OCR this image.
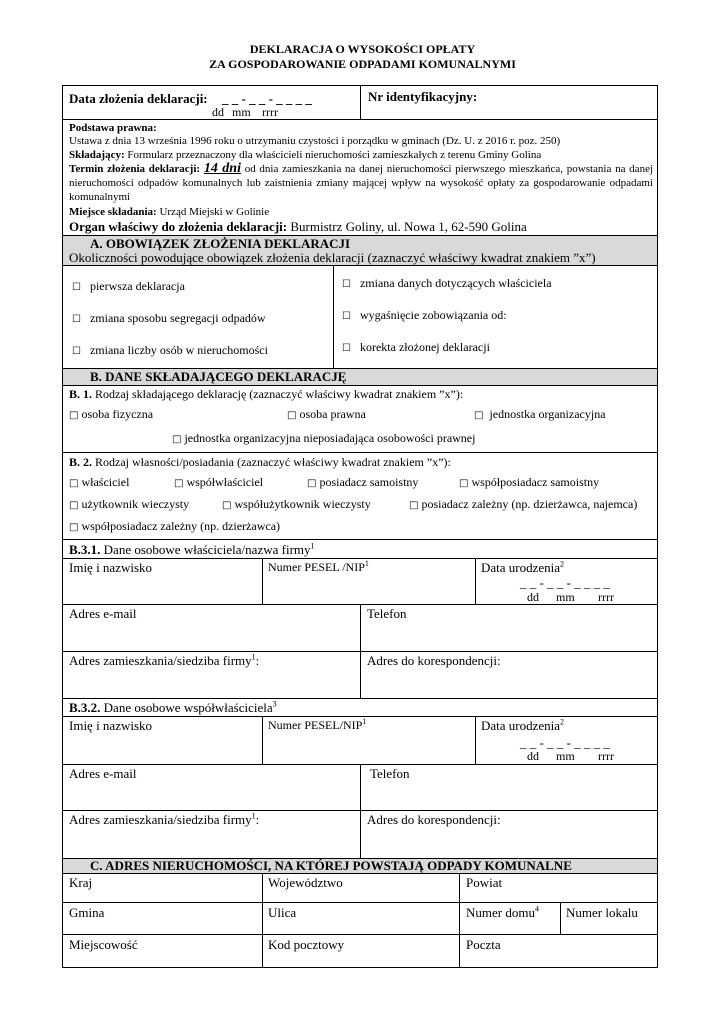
DEKLARACJA O WYSOKOŚCI OPŁATY
ZA GOSPODAROWANIE ODPADAMI KOMUNALNYMI
Data złożenia deklaracji: _ _ - _ _ - _ _ _ _
dd mm rrrr
Nr identyfikacyjny:
Podstawa prawna:
Ustawa z dnia 13 września 1996 roku o utrzymaniu czystości i porządku w gminach (Dz. U. z 2016 r. poz. 250)
Składający: Formularz przeznaczony dla właścicieli nieruchomości zamieszkałych z terenu Gminy Golina
Termin złożenia deklaracji: 14 dni od dnia zamieszkania na danej nieruchomości pierwszego mieszkańca, powstania na danej nieruchomości odpadów komunalnych lub zaistnienia zmiany mającej wpływ na wysokość opłaty za gospodarowanie odpadami komunalnymi
Miejsce składania: Urząd Miejski w Golinie
Organ właściwy do złożenia deklaracji: Burmistrz Goliny, ul. Nowa 1, 62-590 Golina
A. OBOWIĄZEK ZŁOŻENIA DEKLARACJI
Okoliczności powodujące obowiązek złożenia deklaracji (zaznaczyć właściwy kwadrat znakiem ”x”)
☐ pierwsza deklaracja
☐ zmiana sposobu segregacji odpadów
☐ zmiana liczby osób w nieruchomości
☐ zmiana danych dotyczących właściciela
☐ wygaśnięcie zobowiązania od:
☐ korekta złożonej deklaracji
B. DANE SKŁADAJĄCEGO DEKLARACJĘ
B. 1. Rodzaj składającego deklarację (zaznaczyć właściwy kwadrat znakiem ”x”):
□ osoba fizyczna	□ osoba prawna	□ jednostka organizacyjna
□ jednostka organizacyjna nieposiadająca osobowości prawnej
B. 2. Rodzaj własności/posiadania (zaznaczyć właściwy kwadrat znakiem ”x”):
□ właściciel	□ współwłaściciel	□ posiadacz samoistny	□ współposiadacz samoistny
□ użytkownik wieczysty	□ współużytkownik wieczysty	□ posiadacz zależny (np. dzierżawca, najemca)
□ współposiadacz zależny (np. dzierżawca)
B.3.1. Dane osobowe właściciela/nazwa firmy$^1$
Imię i nazwisko	Numer PESEL /NIP$^1$	Data urodzenia$^2$
_ _ - _ _ - _ _ _ _
dd mm rrrr
Adres e-mail	Telefon
Adres zamieszkania/siedziba firmy$^1$:	Adres do korespondencji:
B.3.2. Dane osobowe współwłaściciela$^3$
Imię i nazwisko	Numer PESEL/NIP$^1$	Data urodzenia$^2$
_ _ - _ _ - _ _ _ _
dd mm rrrr
Adres e-mail	Telefon
Adres zamieszkania/siedziba firmy$^1$:	Adres do korespondencji:
C. ADRES NIERUCHOMOŚCI, NA KTÓREJ POWSTAJĄ ODPADY KOMUNALNE
Kraj	Województwo	Powiat
Gmina	Ulica	Numer domu$^4$ Numer lokalu
Miejscowość	Kod pocztowy	Poczta
